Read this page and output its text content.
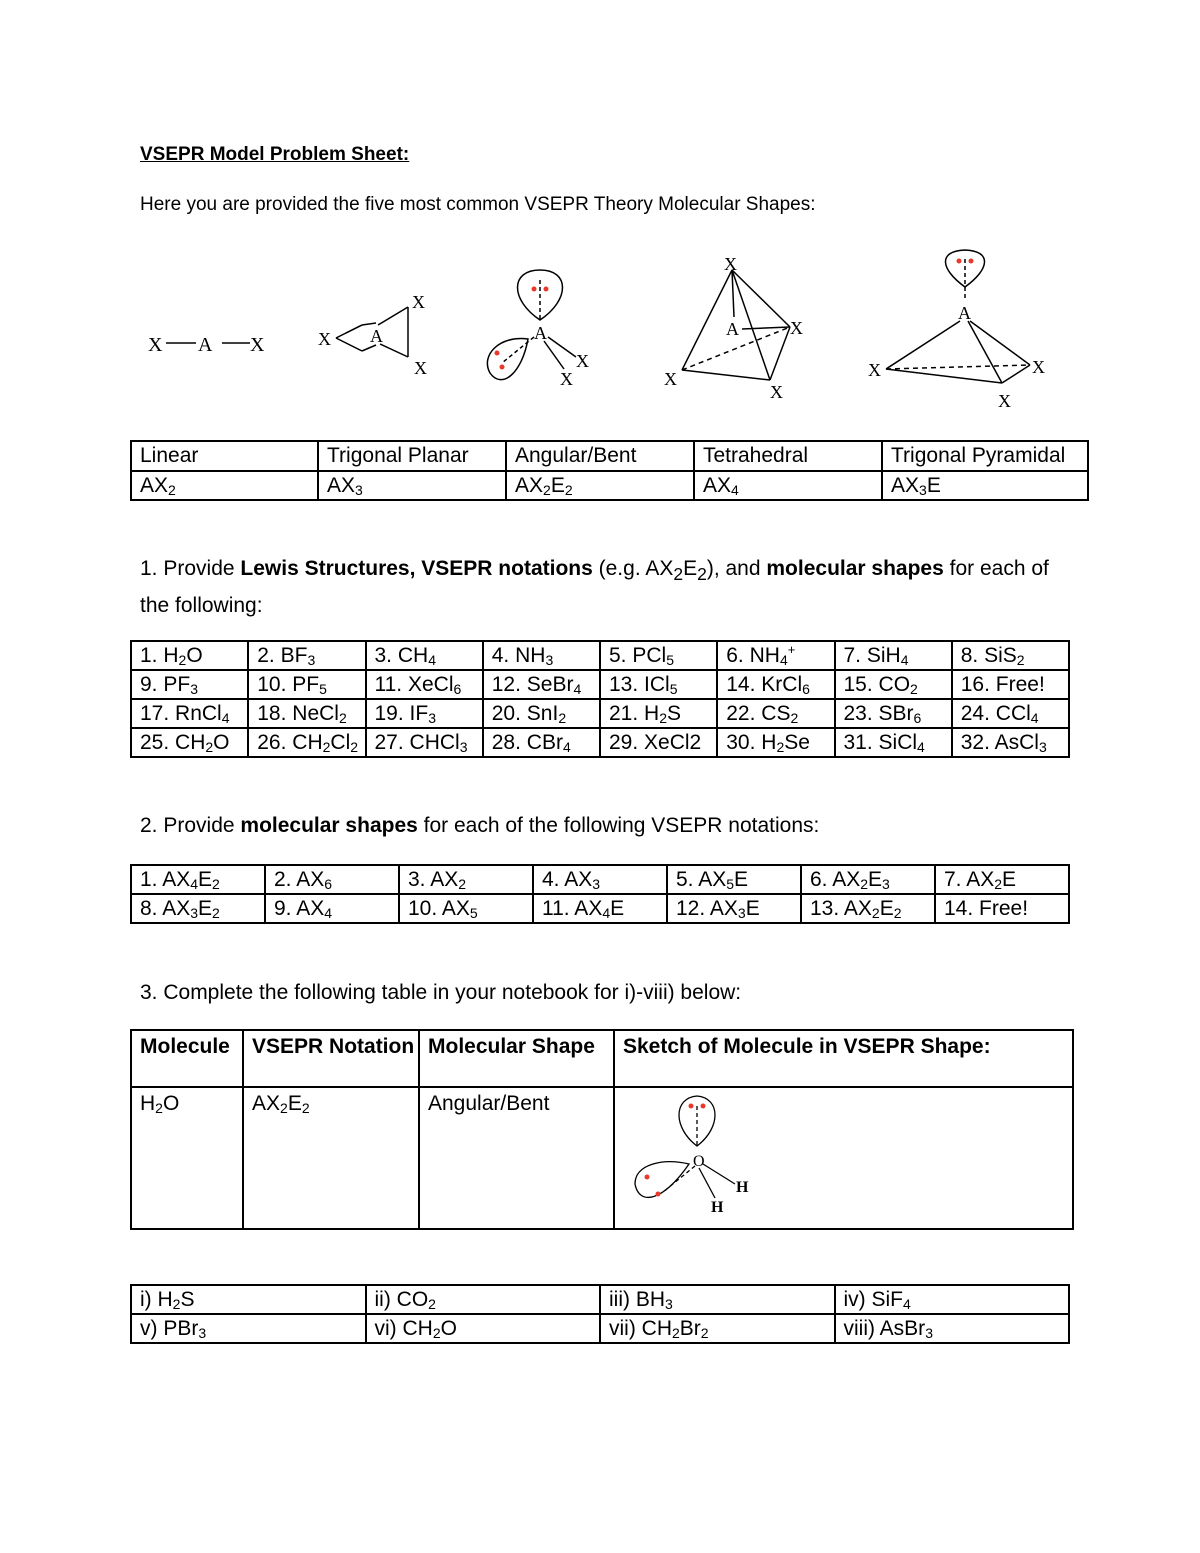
VSEPR Model Problem Sheet:
Here you are provided the five most common VSEPR Theory Molecular Shapes:
X A X	X A
X
X
A
X
X
X
A	X
X
X
A
X	X
X
Linear	Trigonal Planar	Angular/Bent	Tetrahedral	Trigonal Pyramidal
$AX_2$	$AX_3$	$AX_2E_2$	$AX_4$	$AX_3E$
1. Provide Lewis Structures, VSEPR notations (e.g. $AX_2E_2$), and molecular shapes for each of the following:
1. $H_2O$	2. $BF_3$	3. $CH_4$	4. $NH_3$	5. PCl$_5$	6. $NH_4^+$	7. SiH$_4$	8. SiS$_2$
9. $PF_3$	10. $PF_5$	11. XeCl$_6$	12. SeBr$_4$	13. ICl$_5$	14. KrCl$_6$	15. $CO_2$	16. Free!
17. RnCl$_4$	18. NeCl$_2$	19. $IF_3$	20. SnI$_2$	21. $H_2S$	22. $CS_2$	23. SBr$_6$	24. CCl$_4$
25. $CH_2O$	26. $CH_2Cl_2$	27. CHCl$_3$	28. CBr$_4$	29. XeCl2	30. $H_2Se$	31. SiCl$_4$	32. AsCl$_3$
2. Provide molecular shapes for each of the following VSEPR notations:
1. $AX_4E_2$	2. $AX_6$	3. $AX_2$	4. $AX_3$	5. $AX_5E$	6. $AX_2E_3$	7. $AX_2E$
8. $AX_3E_2$	9. $AX_4$	10. $AX_5$	11. $AX_4E$	12. $AX_3E$	13. $AX_2E_2$	14. Free!
3. Complete the following table in your notebook for i)-viii) below:
Molecule	VSEPR Notation	Molecular Shape	Sketch of Molecule in VSEPR Shape:
$H_2O$	$AX_2E_2$	Angular/Bent	O
H
H
i) $H_2S$	ii) $CO_2$	iii) $BH_3$	iv) SiF$_4$
v) PBr$_3$	vi) $CH_2O$	vii) $CH_2Br_2$	viii) AsBr$_3$
